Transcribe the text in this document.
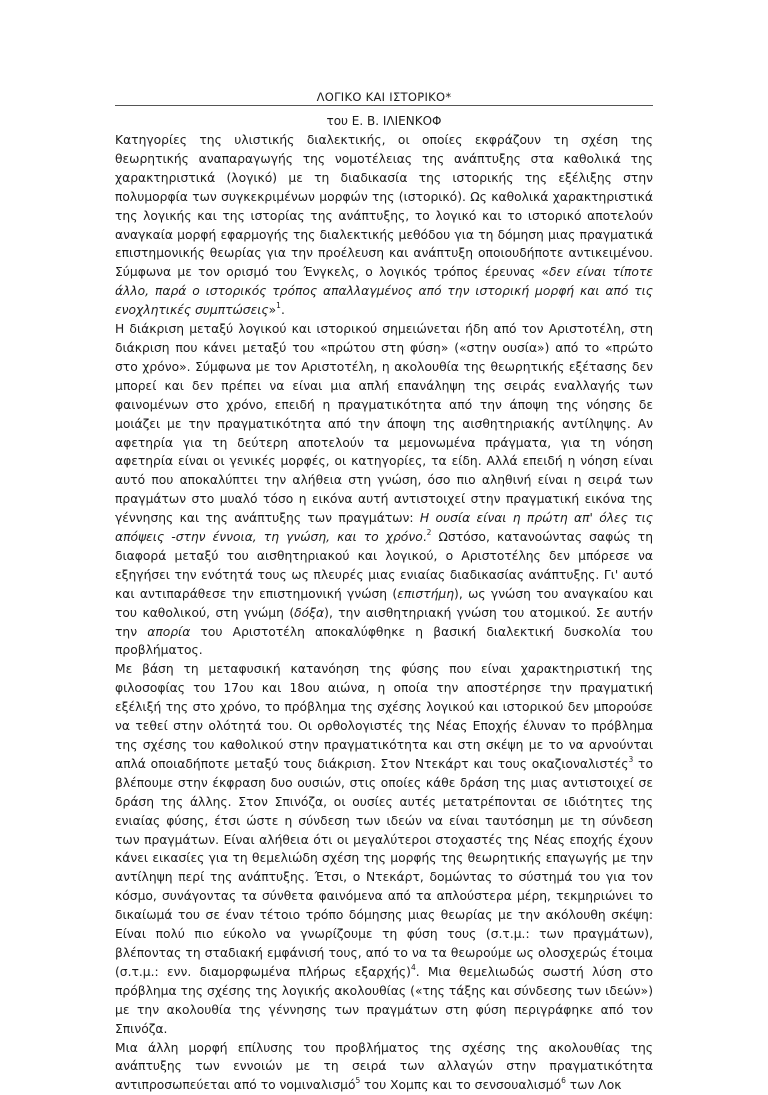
ΛΟΓΙΚΟ ΚΑΙ ΙΣΤΟΡΙΚΟ*
του Ε. Β. ΙΛΙΕΝΚΟΦ

Κατηγορίες της υλιστικής διαλεκτικής, οι οποίες εκφράζουν τη σχέση της θεωρητικής αναπαραγωγής της νομοτέλειας της ανάπτυξης στα καθολικά της χαρακτηριστικά (λογικό) με τη διαδικασία της ιστορικής της εξέλιξης στην πολυμορφία των συγκεκριμένων μορφών της (ιστορικό). Ως καθολικά χαρακτηριστικά της λογικής και της ιστορίας της ανάπτυξης, το λογικό και το ιστορικό αποτελούν αναγκαία μορφή εφαρμογής της διαλεκτικής μεθόδου για τη δόμηση μιας πραγματικά επιστημονικής θεωρίας για την προέλευση και ανάπτυξη οποιουδήποτε αντικειμένου. Σύμφωνα με τον ορισμό του Ένγκελς, ο λογικός τρόπος έρευνας «δεν είναι τίποτε άλλο, παρά ο ιστορικός τρόπος απαλλαγμένος από την ιστορική μορφή και από τις ενοχλητικές συμπτώσεις»$^1$.

Η διάκριση μεταξύ λογικού και ιστορικού σημειώνεται ήδη από τον Αριστοτέλη, στη διάκριση που κάνει μεταξύ του «πρώτου στη φύση» («στην ουσία») από το «πρώτο στο χρόνο». Σύμφωνα με τον Αριστοτέλη, η ακολουθία της θεωρητικής εξέτασης δεν μπορεί και δεν πρέπει να είναι μια απλή επανάληψη της σειράς εναλλαγής των φαινομένων στο χρόνο, επειδή η πραγματικότητα από την άποψη της νόησης δε μοιάζει με την πραγματικότητα από την άποψη της αισθητηριακής αντίληψης. Αν αφετηρία για τη δεύτερη αποτελούν τα μεμονωμένα πράγματα, για τη νόηση αφετηρία είναι οι γενικές μορφές, οι κατηγορίες, τα είδη. Αλλά επειδή η νόηση είναι αυτό που αποκαλύπτει την αλήθεια στη γνώση, όσο πιο αληθινή είναι η σειρά των πραγμάτων στο μυαλό τόσο η εικόνα αυτή αντιστοιχεί στην πραγματική εικόνα της γέννησης και της ανάπτυξης των πραγμάτων: Η ουσία είναι η πρώτη απ' όλες τις απόψεις -στην έννοια, τη γνώση, και το χρόνο.$^2$ Ωστόσο, κατανοώντας σαφώς τη διαφορά μεταξύ του αισθητηριακού και λογικού, ο Αριστοτέλης δεν μπόρεσε να εξηγήσει την ενότητά τους ως πλευρές μιας ενιαίας διαδικασίας ανάπτυξης. Γι' αυτό και αντιπαράθεσε την επιστημονική γνώση (επιστήμη), ως γνώση του αναγκαίου και του καθολικού, στη γνώμη (δόξα), την αισθητηριακή γνώση του ατομικού. Σε αυτήν την απορία του Αριστοτέλη αποκαλύφθηκε η βασική διαλεκτική δυσκολία του προβλήματος.

Με βάση τη μεταφυσική κατανόηση της φύσης που είναι χαρακτηριστική της φιλοσοφίας του 17ου και 18ου αιώνα, η οποία την αποστέρησε την πραγματική εξέλιξή της στο χρόνο, το πρόβλημα της σχέσης λογικού και ιστορικού δεν μπορούσε να τεθεί στην ολότητά του. Οι ορθολογιστές της Νέας Εποχής έλυναν το πρόβλημα της σχέσης του καθολικού στην πραγματικότητα και στη σκέψη με το να αρνούνται απλά οποιαδήποτε μεταξύ τους διάκριση. Στον Ντεκάρτ και τους οκαζιοναλιστές$^3$ το βλέπουμε στην έκφραση δυο ουσιών, στις οποίες κάθε δράση της μιας αντιστοιχεί σε δράση της άλλης. Στον Σπινόζα, οι ουσίες αυτές μετατρέπονται σε ιδιότητες της ενιαίας φύσης, έτσι ώστε η σύνδεση των ιδεών να είναι ταυτόσημη με τη σύνδεση των πραγμάτων. Είναι αλήθεια ότι οι μεγαλύτεροι στοχαστές της Νέας εποχής έχουν κάνει εικασίες για τη θεμελιώδη σχέση της μορφής της θεωρητικής επαγωγής με την αντίληψη περί της ανάπτυξης. Έτσι, ο Ντεκάρτ, δομώντας το σύστημά του για τον κόσμο, συνάγοντας τα σύνθετα φαινόμενα από τα απλούστερα μέρη, τεκμηριώνει το δικαίωμά του σε έναν τέτοιο τρόπο δόμησης μιας θεωρίας με την ακόλουθη σκέψη: Είναι πολύ πιο εύκολο να γνωρίζουμε τη φύση τους (σ.τ.μ.: των πραγμάτων), βλέποντας τη σταδιακή εμφάνισή τους, από το να τα θεωρούμε ως ολοσχερώς έτοιμα (σ.τ.μ.: ενν. διαμορφωμένα πλήρως εξαρχής)$^4$. Μια θεμελιωδώς σωστή λύση στο πρόβλημα της σχέσης της λογικής ακολουθίας («της τάξης και σύνδεσης των ιδεών») με την ακολουθία της γέννησης των πραγμάτων στη φύση περιγράφηκε από τον Σπινόζα.

Μια άλλη μορφή επίλυσης του προβλήματος της σχέσης της ακολουθίας της ανάπτυξης των εννοιών με τη σειρά των αλλαγών στην πραγματικότητα αντιπροσωπεύεται από το νομιναλισμό$^5$ του Χομπς και το σενσουαλισμό$^6$ των Λοκ
